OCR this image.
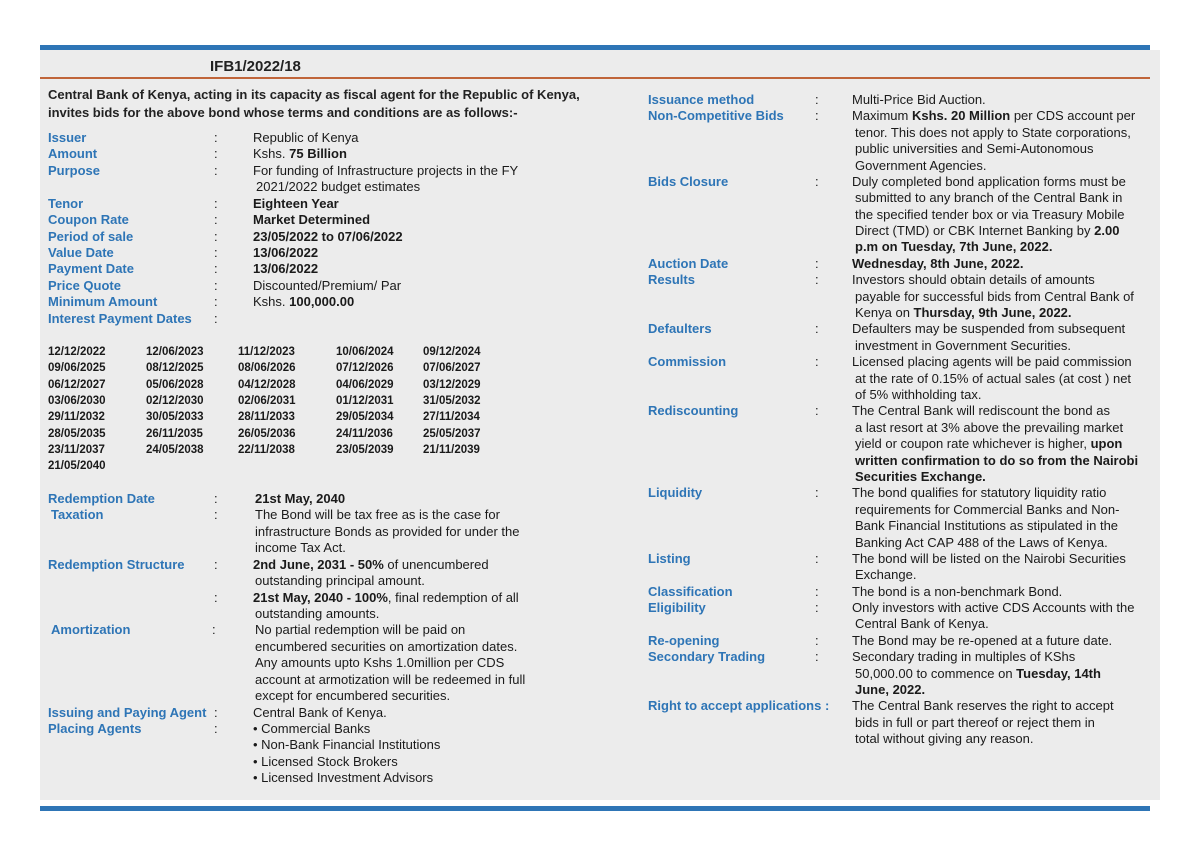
IFB1/2022/18
Central Bank of Kenya, acting in its capacity as fiscal agent for the Republic of Kenya, invites bids for the above bond whose terms and conditions are as follows:-
Issuer	:	Republic of Kenya
Amount	:	Kshs. 75 Billion
Purpose	:	For funding of Infrastructure projects in the FY
2021/2022 budget estimates
Tenor	:	Eighteen Year
Coupon Rate	:	Market Determined
Period of sale	:	23/05/2022 to 07/06/2022
Value Date	:	13/06/2022
Payment Date	:	13/06/2022
Price Quote	:	Discounted/Premium/ Par
Minimum Amount	:	Kshs. 100,000.00
Interest Payment Dates :
12/12/2022	12/06/2023	11/12/2023	10/06/2024	09/12/2024
09/06/2025	08/12/2025	08/06/2026	07/12/2026	07/06/2027
06/12/2027	05/06/2028	04/12/2028	04/06/2029	03/12/2029
03/06/2030	02/12/2030	02/06/2031	01/12/2031	31/05/2032
29/11/2032	30/05/2033	28/11/2033	29/05/2034	27/11/2034
28/05/2035	26/11/2035	26/05/2036	24/11/2036	25/05/2037
23/11/2037	24/05/2038	22/11/2038	23/05/2039	21/11/2039
21/05/2040
Redemption Date	:	21st May, 2040
Taxation	:	The Bond will be tax free as is the case for
infrastructure Bonds as provided for under the
income Tax Act.
Redemption Structure :	2nd June, 2031 - 50% of unencumbered
outstanding principal amount.
:	21st May, 2040 - 100%, final redemption of all
outstanding amounts.
Amortization	:	No partial redemption will be paid on
encumbered securities on amortization dates.
Any amounts upto Kshs 1.0million per CDS
account at armotization will be redeemed in full
except for encumbered securities.
Issuing and Paying Agent :	Central Bank of Kenya.
Placing Agents	:	• Commercial Banks
• Non-Bank Financial Institutions
• Licensed Stock Brokers
• Licensed Investment Advisors
Issuance method	:	Multi-Price Bid Auction.
Non-Competitive Bids :	Maximum Kshs. 20 Million per CDS account per
tenor. This does not apply to State corporations,
public universities and Semi-Autonomous
Government Agencies.
Bids Closure	:	Duly completed bond application forms must be
submitted to any branch of the Central Bank in
the specified tender box or via Treasury Mobile
Direct (TMD) or CBK Internet Banking by 2.00
p.m on Tuesday, 7th June, 2022.
Auction Date	:	Wednesday, 8th June, 2022.
Results	:	Investors should obtain details of amounts
payable for successful bids from Central Bank of
Kenya on Thursday, 9th June, 2022.
Defaulters	:	Defaulters may be suspended from subsequent
investment in Government Securities.
Commission	:	Licensed placing agents will be paid commission
at the rate of 0.15% of actual sales (at cost ) net
of 5% withholding tax.
Rediscounting	:	The Central Bank will rediscount the bond as
a last resort at 3% above the prevailing market
yield or coupon rate whichever is higher, upon
written confirmation to do so from the Nairobi
Securities Exchange.
Liquidity	:	The bond qualifies for statutory liquidity ratio
requirements for Commercial Banks and Non-
Bank Financial Institutions as stipulated in the
Banking Act CAP 488 of the Laws of Kenya.
Listing	:	The bond will be listed on the Nairobi Securities
Exchange.
Classification	:	The bond is a non-benchmark Bond.
Eligibility	:	Only investors with active CDS Accounts with the
Central Bank of Kenya.
Re-opening	:	The Bond may be re-opened at a future date.
Secondary Trading	:	Secondary trading in multiples of KShs
50,000.00 to commence on Tuesday, 14th
June, 2022.
Right to accept applications : The Central Bank reserves the right to accept
bids in full or part thereof or reject them in
total without giving any reason.
